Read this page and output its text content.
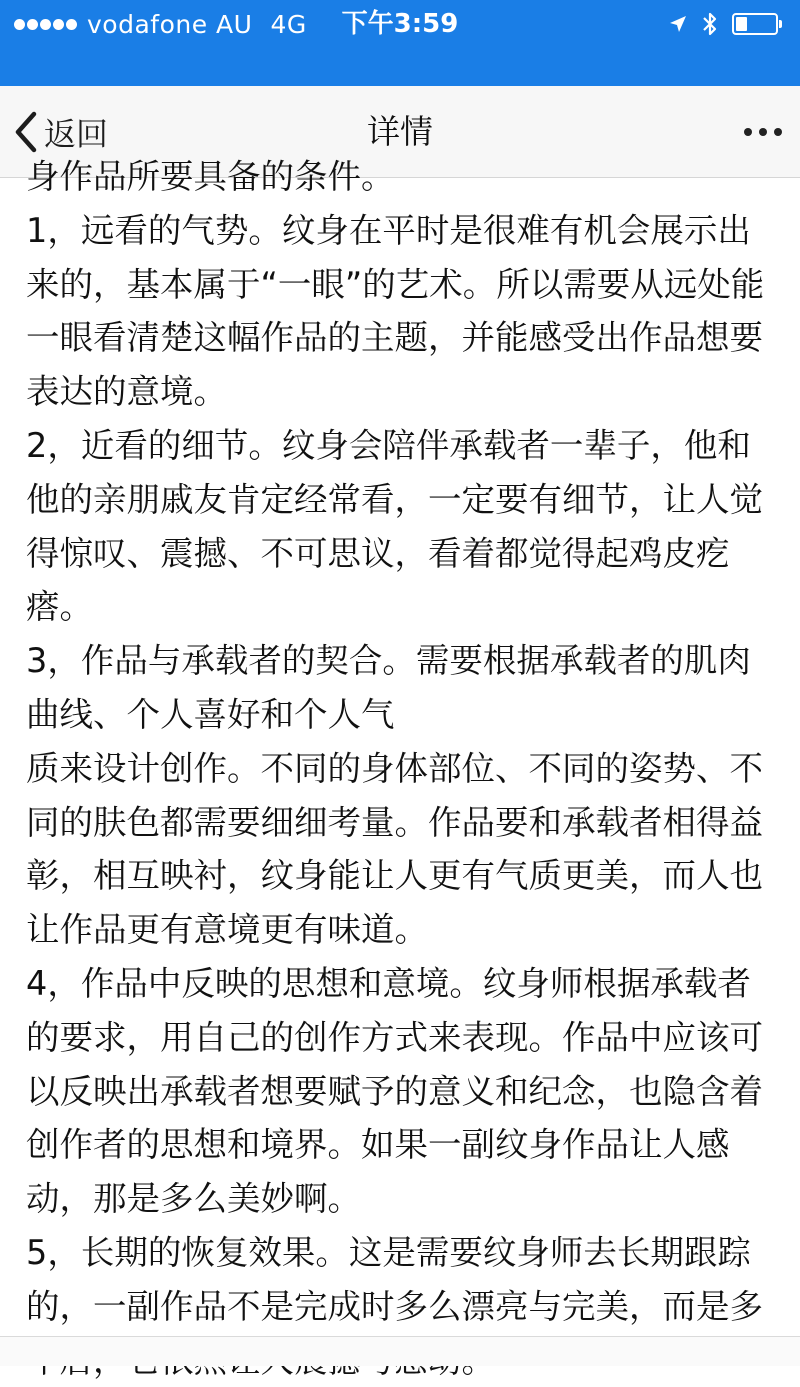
vodafone AU 4G	下午3:59
返回	详情

身作品所要具备的条件。

1，远看的气势。纹身在平时是很难有机会展示出来的，基本属于“一眼”的艺术。所以需要从远处能一眼看清楚这幅作品的主题，并能感受出作品想要表达的意境。

2，近看的细节。纹身会陪伴承载者一辈子，他和他的亲朋戚友肯定经常看，一定要有细节，让人觉得惊叹、震撼、不可思议，看着都觉得起鸡皮疙瘩。

3，作品与承载者的契合。需要根据承载者的肌肉曲线、个人喜好和个人气

质来设计创作。不同的身体部位、不同的姿势、不同的肤色都需要细细考量。作品要和承载者相得益彰，相互映衬，纹身能让人更有气质更美，而人也让作品更有意境更有味道。

4，作品中反映的思想和意境。纹身师根据承载者的要求，用自己的创作方式来表现。作品中应该可以反映出承载者想要赋予的意义和纪念，也隐含着创作者的思想和境界。如果一副纹身作品让人感动，那是多么美妙啊。

5，长期的恢复效果。这是需要纹身师去长期跟踪的，一副作品不是完成时多么漂亮与完美，而是多
